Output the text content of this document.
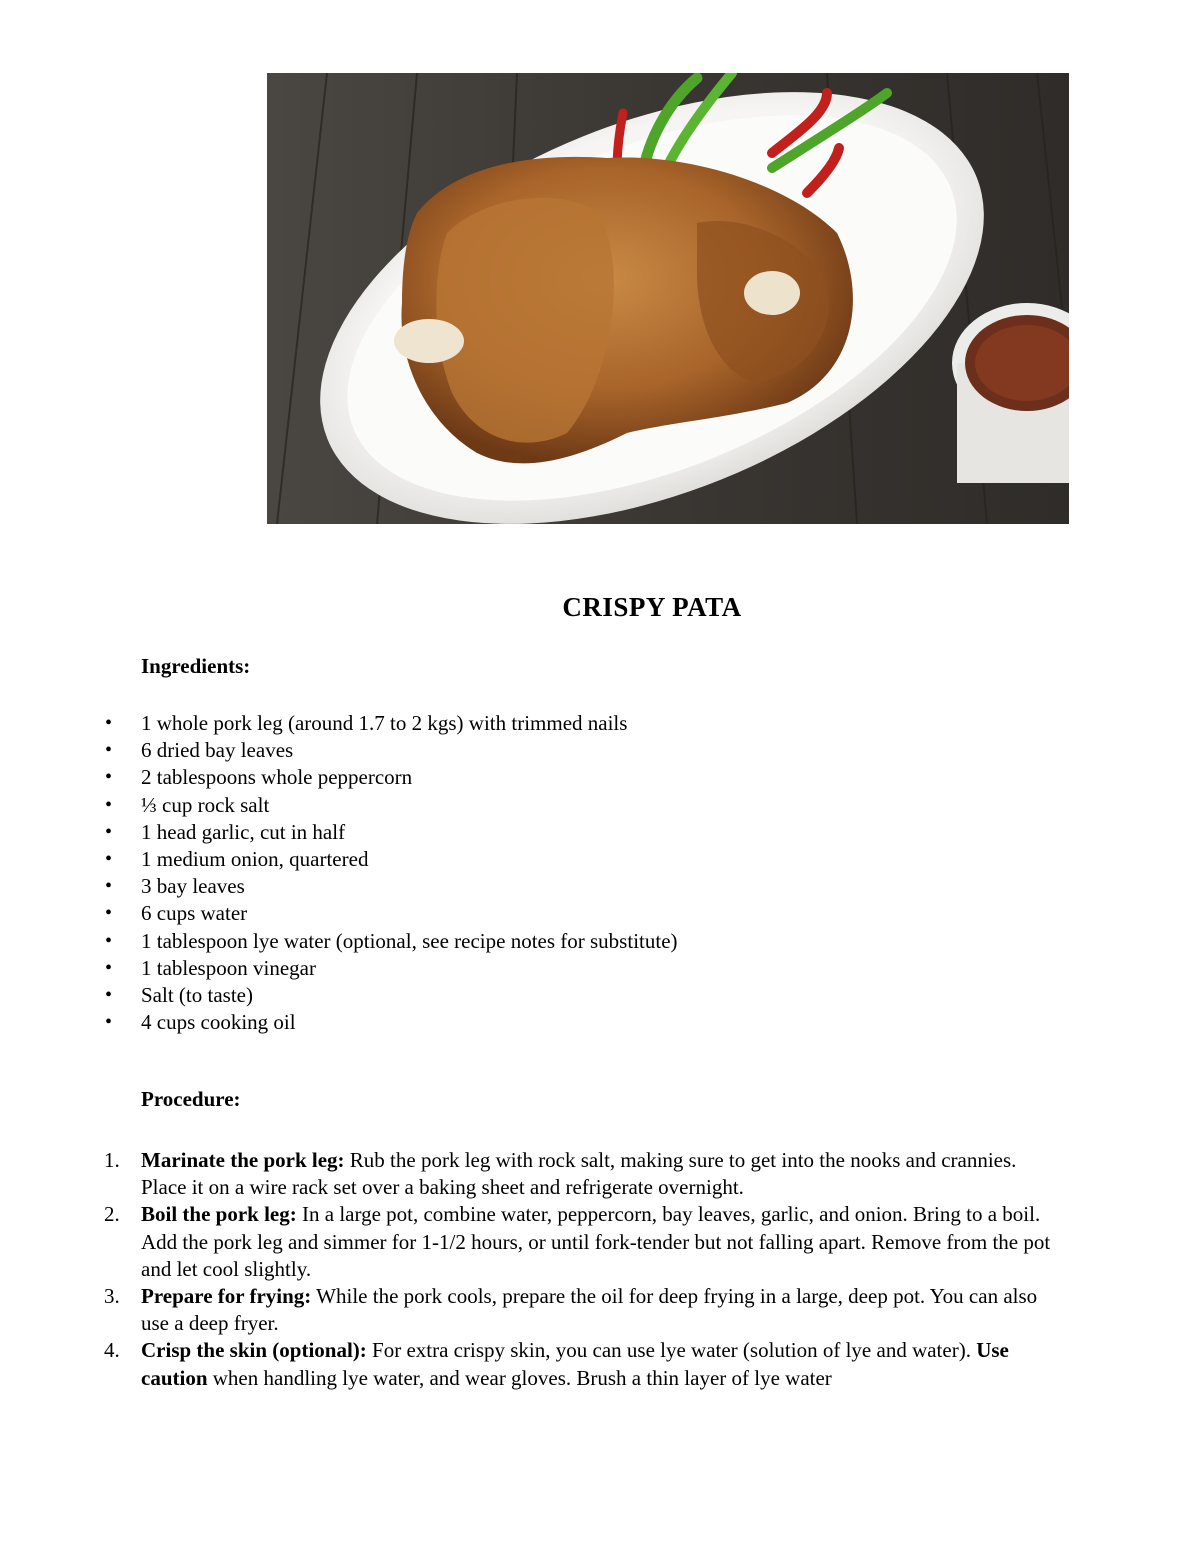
CRISPY PATA
Ingredients:
• 1 whole pork leg (around 1.7 to 2 kgs) with trimmed nails
• 6 dried bay leaves
• 2 tablespoons whole peppercorn
• ⅓ cup rock salt
• 1 head garlic, cut in half
• 1 medium onion, quartered
• 3 bay leaves
• 6 cups water
• 1 tablespoon lye water (optional, see recipe notes for substitute)
• 1 tablespoon vinegar
• Salt (to taste)
• 4 cups cooking oil
Procedure:
1. Marinate the pork leg: Rub the pork leg with rock salt, making sure to get into the nooks and crannies. Place it on a wire rack set over a baking sheet and refrigerate overnight.
2. Boil the pork leg: In a large pot, combine water, peppercorn, bay leaves, garlic, and onion. Bring to a boil. Add the pork leg and simmer for 1-1/2 hours, or until fork-tender but not falling apart. Remove from the pot and let cool slightly.
3. Prepare for frying: While the pork cools, prepare the oil for deep frying in a large, deep pot. You can also use a deep fryer.
4. Crisp the skin (optional): For extra crispy skin, you can use lye water (solution of lye and water). Use caution when handling lye water, and wear gloves. Brush a thin layer of lye water
